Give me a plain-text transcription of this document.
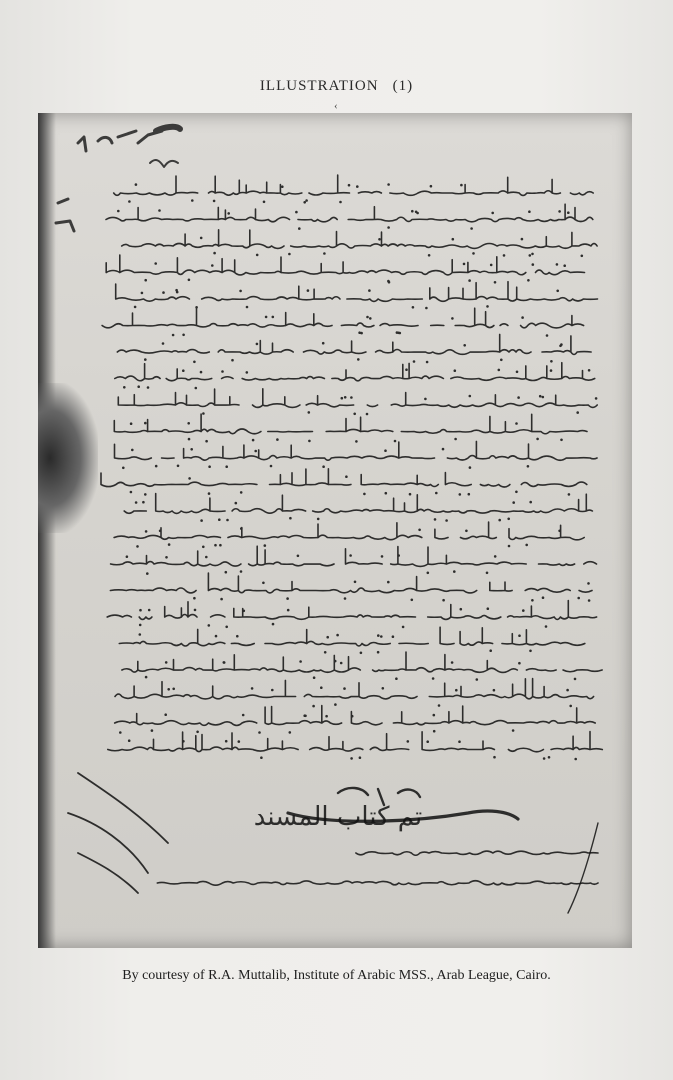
ILLUSTRATION (1)
‹
تم كتاب المسند
By courtesy of R.A. Muttalib, Institute of Arabic MSS., Arab League, Cairo.
